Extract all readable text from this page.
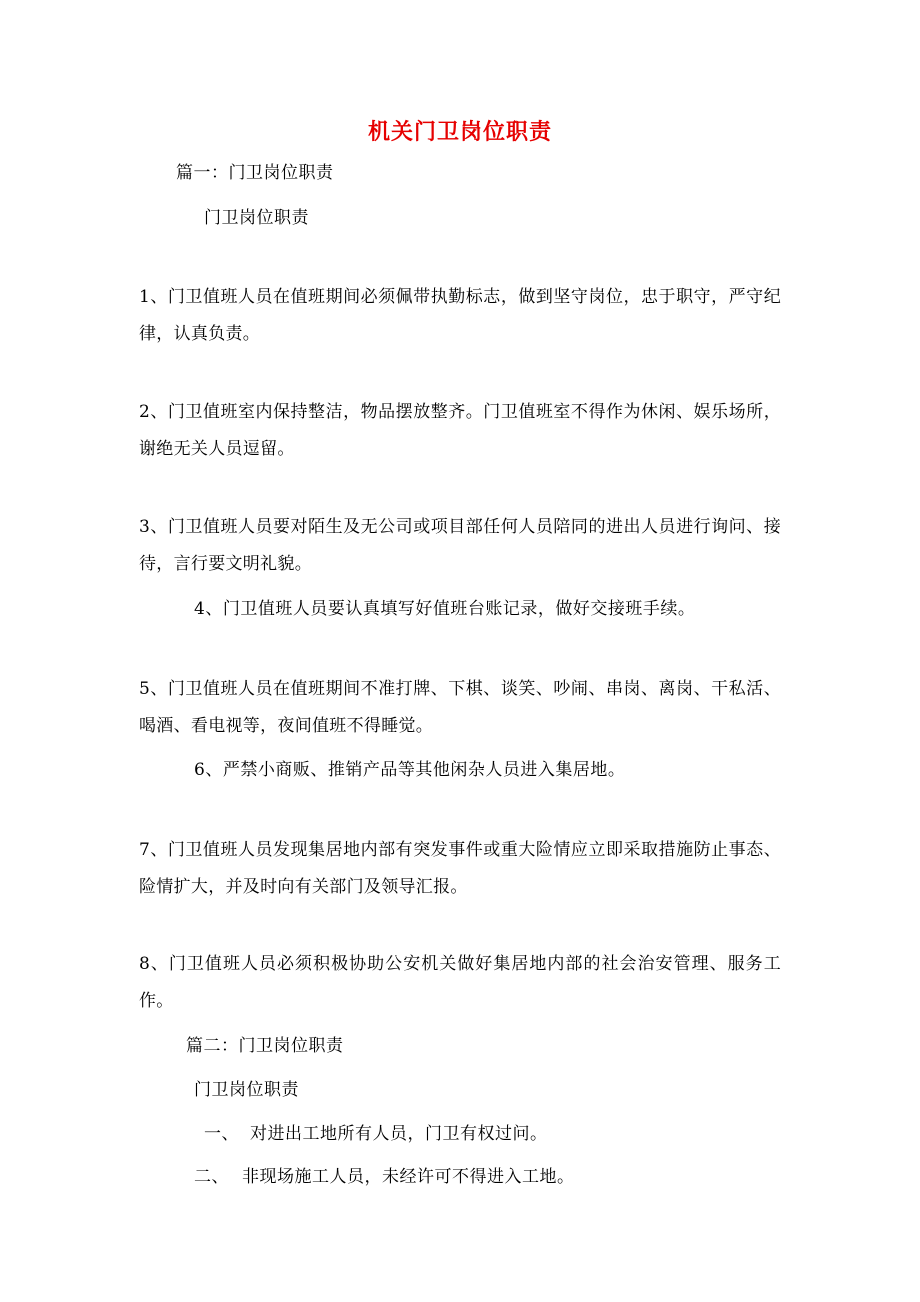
机关门卫岗位职责
篇一：门卫岗位职责
门卫岗位职责
1、门卫值班人员在值班期间必须佩带执勤标志，做到坚守岗位，忠于职守，严守纪律，认真负责。
2、门卫值班室内保持整洁，物品摆放整齐。门卫值班室不得作为休闲、娱乐场所，谢绝无关人员逗留。
3、门卫值班人员要对陌生及无公司或项目部任何人员陪同的进出人员进行询问、接待，言行要文明礼貌。
4、门卫值班人员要认真填写好值班台账记录，做好交接班手续。
5、门卫值班人员在值班期间不准打牌、下棋、谈笑、吵闹、串岗、离岗、干私活、喝酒、看电视等，夜间值班不得睡觉。
6、严禁小商贩、推销产品等其他闲杂人员进入集居地。
7、门卫值班人员发现集居地内部有突发事件或重大险情应立即采取措施防止事态、险情扩大，并及时向有关部门及领导汇报。
8、门卫值班人员必须积极协助公安机关做好集居地内部的社会治安管理、服务工作。
篇二：门卫岗位职责
门卫岗位职责
一、 对进出工地所有人员，门卫有权过问。
二、 非现场施工人员，未经许可不得进入工地。
